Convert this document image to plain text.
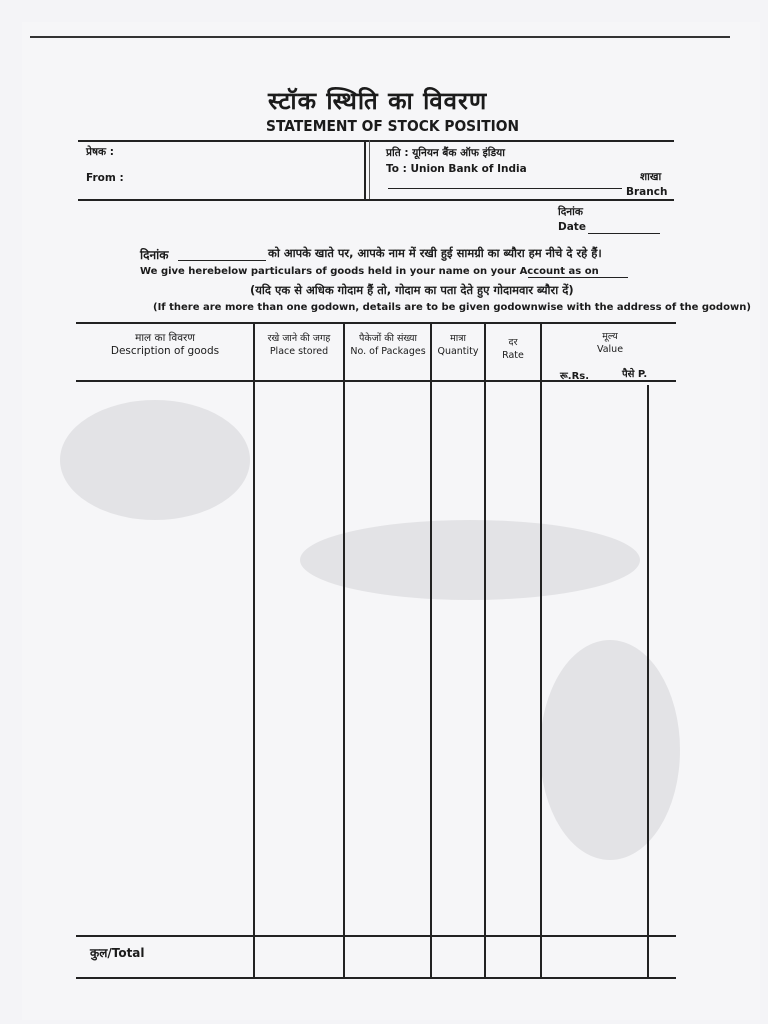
स्टॉक स्थिति का विवरण
STATEMENT OF STOCK POSITION
प्रेषक :
From :
प्रति : यूनियन बैंक ऑफ इंडिया
To : Union Bank of India
शाखा
Branch
दिनांक
Date
दिनांक	को आपके खाते पर, आपके नाम में रखी हुई सामग्री का ब्यौरा हम नीचे दे रहे हैं।
We give herebelow particulars of goods held in your name on your Account as on
(यदि एक से अधिक गोदाम हैं तो, गोदाम का पता देते हुए गोदामवार ब्यौरा दें)
(If there are more than one godown, details are to be given godownwise with the address of the godown)
माल का विवरण
Description of goods
रखे जाने की जगह
Place stored
पैकेजों की संख्या
No. of Packages
मात्रा
Quantity
दर
Rate
मूल्य
Value
रू.Rs.	पैसे P.
कुल/Total
